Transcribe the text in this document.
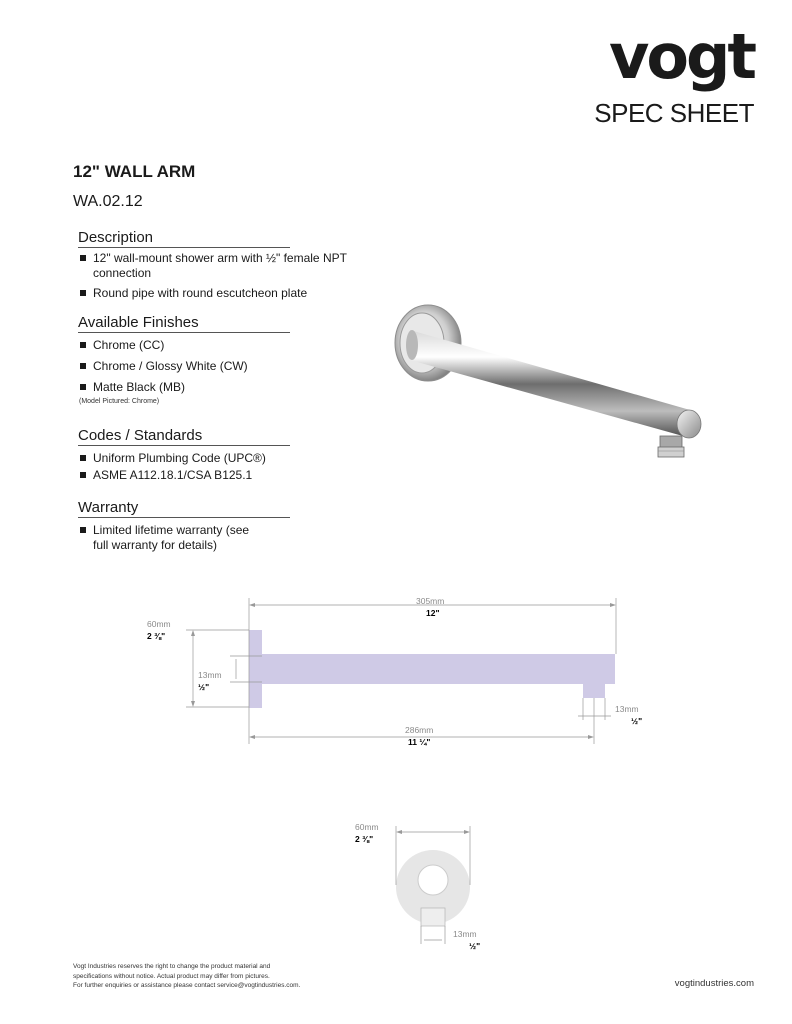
vogt
SPEC SHEET
12" WALL ARM
WA.02.12
Description
12" wall-mount shower arm with ½" female NPT connection
Round pipe with round escutcheon plate
Available Finishes
Chrome (CC)
Chrome / Glossy White (CW)
Matte Black (MB)
(Model Pictured: Chrome)
Codes / Standards
Uniform Plumbing Code (UPC®)
ASME A112.18.1/CSA B125.1
Warranty
Limited lifetime warranty (see full warranty for details)
305mm
12"
60mm
2 ⅜"
13mm
½"
13mm
½"
286mm
11 ¼"
60mm
2 ⅜"
13mm
½"
Vogt Industries reserves the right to change the product material and
specifications without notice. Actual product may differ from pictures.
For further enquiries or assistance please contact service@vogtindustries.com.	vogtindustries.com
